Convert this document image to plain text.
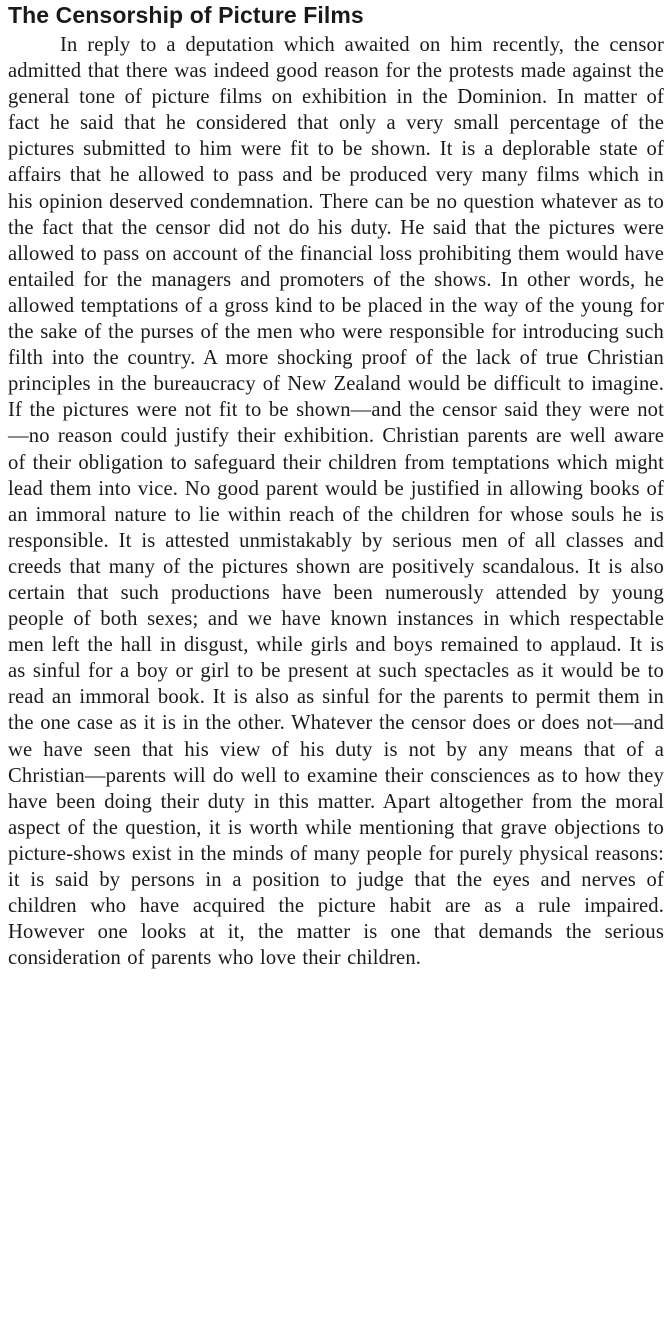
The Censorship of Picture Films

In reply to a deputation which awaited on him recently, the censor admitted that there was indeed good reason for the protests made against the general tone of picture films on exhibition in the Dominion. In matter of fact he said that he considered that only a very small percentage of the pictures submitted to him were fit to be shown. It is a deplorable state of affairs that he allowed to pass and be produced very many films which in his opinion deserved condemnation. There can be no question whatever as to the fact that the censor did not do his duty. He said that the pictures were allowed to pass on account of the financial loss prohibiting them would have entailed for the managers and promoters of the shows. In other words, he allowed temptations of a gross kind to be placed in the way of the young for the sake of the purses of the men who were responsible for introducing such filth into the country. A more shocking proof of the lack of true Christian principles in the bureaucracy of New Zealand would be difficult to imagine. If the pictures were not fit to be shown—and the censor said they were not—no reason could justify their exhibition. Christian parents are well aware of their obligation to safeguard their children from temptations which might lead them into vice. No good parent would be justified in allowing books of an immoral nature to lie within reach of the children for whose souls he is responsible. It is attested unmistakably by serious men of all classes and creeds that many of the pictures shown are positively scandalous. It is also certain that such productions have been numerously attended by young people of both sexes; and we have known instances in which respectable men left the hall in disgust, while girls and boys remained to applaud. It is as sinful for a boy or girl to be present at such spectacles as it would be to read an immoral book. It is also as sinful for the parents to permit them in the one case as it is in the other. Whatever the censor does or does not—and we have seen that his view of his duty is not by any means that of a Christian—parents will do well to examine their consciences as to how they have been doing their duty in this matter. Apart altogether from the moral aspect of the question, it is worth while mentioning that grave objections to picture-shows exist in the minds of many people for purely physical reasons: it is said by persons in a position to judge that the eyes and nerves of children who have acquired the picture habit are as a rule impaired. However one looks at it, the matter is one that demands the serious consideration of parents who love their children.
